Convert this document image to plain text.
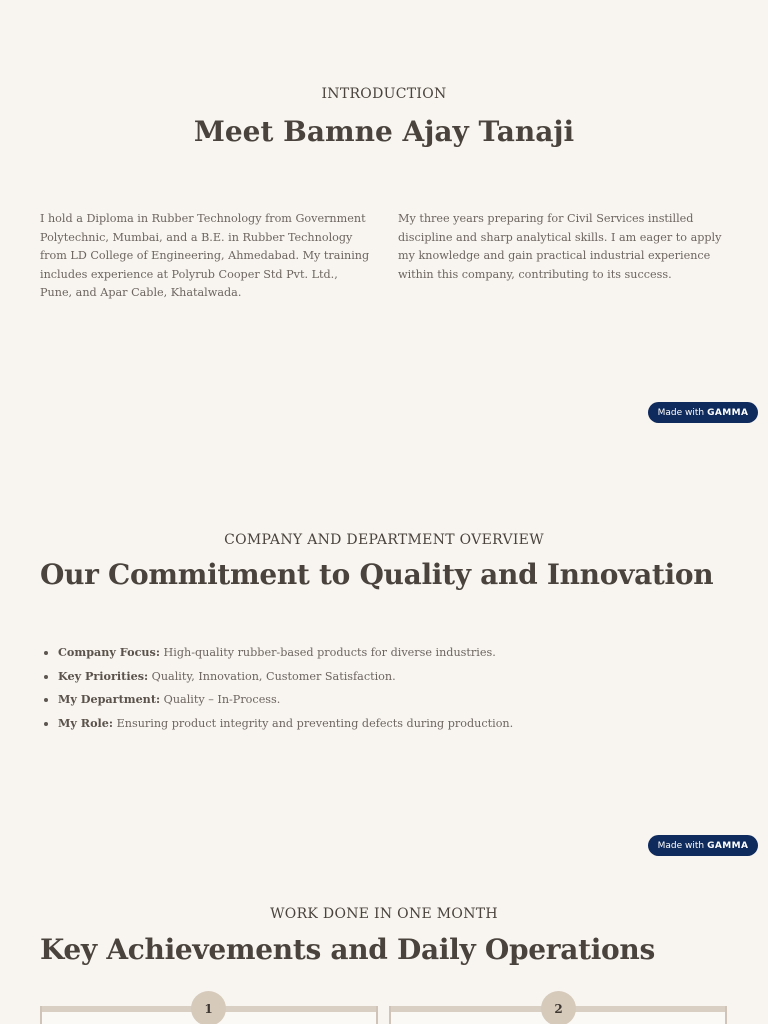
INTRODUCTION
Meet Bamne Ajay Tanaji

I hold a Diploma in Rubber Technology from Government Polytechnic, Mumbai, and a B.E. in Rubber Technology from LD College of Engineering, Ahmedabad. My training includes experience at Polyrub Cooper Std Pvt. Ltd., Pune, and Apar Cable, Khatalwada.

My three years preparing for Civil Services instilled discipline and sharp analytical skills. I am eager to apply my knowledge and gain practical industrial experience within this company, contributing to its success.

Made with GAMMA
COMPANY AND DEPARTMENT OVERVIEW
Our Commitment to Quality and Innovation
Company Focus: High-quality rubber-based products for diverse industries.
Key Priorities: Quality, Innovation, Customer Satisfaction.
My Department: Quality – In-Process.
My Role: Ensuring product integrity and preventing defects during production.
Made with GAMMA
WORK DONE IN ONE MONTH
Key Achievements and Daily Operations
1	2
